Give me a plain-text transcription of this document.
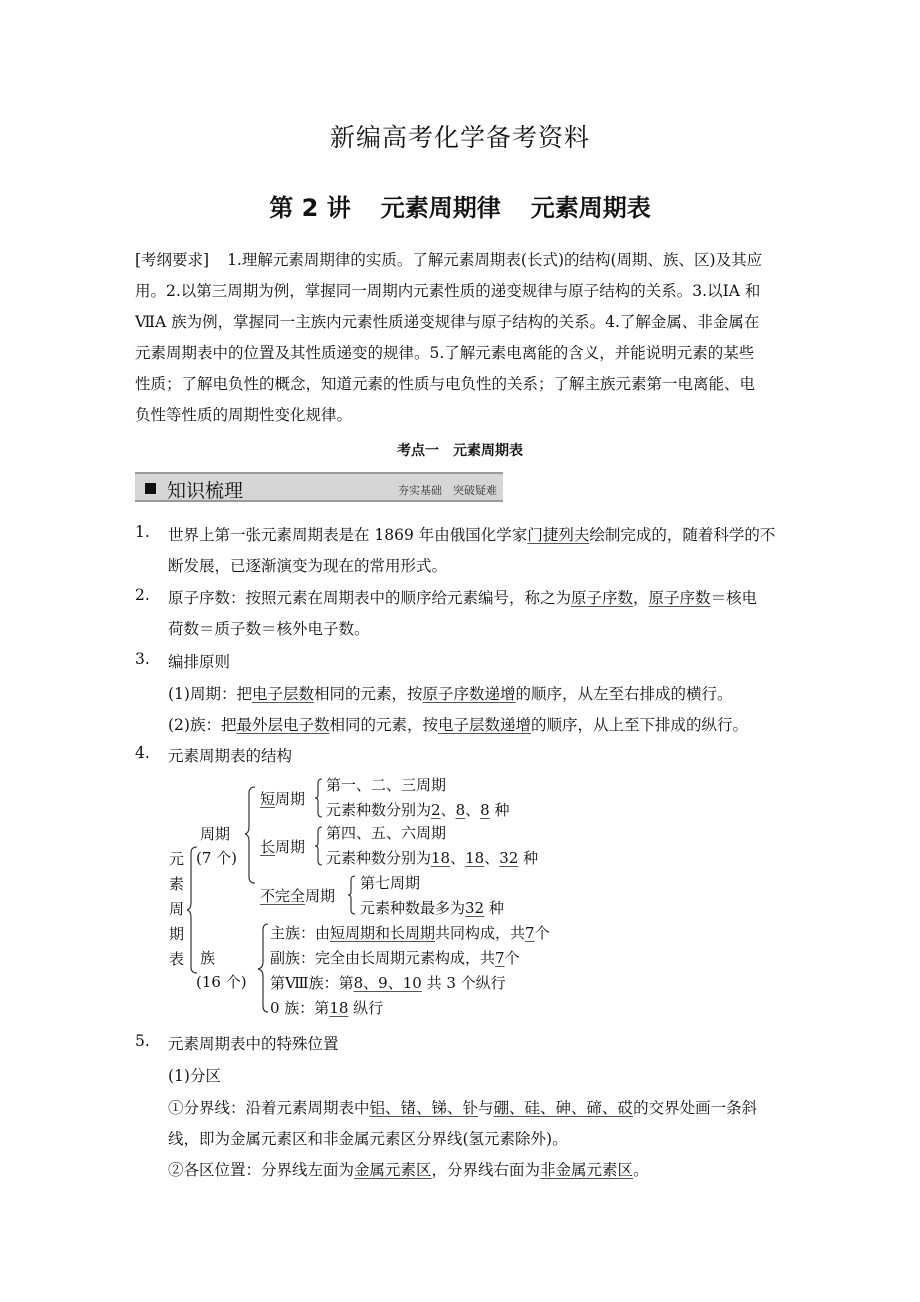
新编高考化学备考资料
第 2 讲 元素周期律 元素周期表
[考纲要求] 1.理解元素周期律的实质。了解元素周期表(长式)的结构(周期、族、区)及其应
用。2.以第三周期为例，掌握同一周期内元素性质的递变规律与原子结构的关系。3.以ⅠA 和
ⅦA 族为例，掌握同一主族内元素性质递变规律与原子结构的关系。4.了解金属、非金属在
元素周期表中的位置及其性质递变的规律。5.了解元素电离能的含义，并能说明元素的某些
性质；了解电负性的概念，知道元素的性质与电负性的关系；了解主族元素第一电离能、电
负性等性质的周期性变化规律。
考点一　元素周期表
知识梳理	夯实基础　突破疑难
1. 世界上第一张元素周期表是在 1869 年由俄国化学家门捷列夫绘制完成的，随着科学的不
断发展，已逐渐演变为现在的常用形式。
2. 原子序数：按照元素在周期表中的顺序给元素编号，称之为原子序数，原子序数＝核电
荷数＝质子数＝核外电子数。
3. 编排原则
(1)周期：把电子层数相同的元素，按原子序数递增的顺序，从左至右排成的横行。
(2)族：把最外层电子数相同的元素，按电子层数递增的顺序，从上至下排成的纵行。
4. 元素周期表的结构
元
素
周
期
表
周期
(7 个)
短周期
第一、二、三周期
元素种数分别为2、8、8 种
长周期
第四、五、六周期
元素种数分别为18、18、32 种
不完全周期
第七周期
元素种数最多为32 种
族
(16 个)
主族：由短周期和长周期共同构成，共7个
副族：完全由长周期元素构成，共7个
第Ⅷ族：第8、9、10 共 3 个纵行
0 族：第18 纵行
5. 元素周期表中的特殊位置
(1)分区
①分界线：沿着元素周期表中铝、锗、锑、钋与硼、硅、砷、碲、砹的交界处画一条斜
线，即为金属元素区和非金属元素区分界线(氢元素除外)。
②各区位置：分界线左面为金属元素区，分界线右面为非金属元素区。
